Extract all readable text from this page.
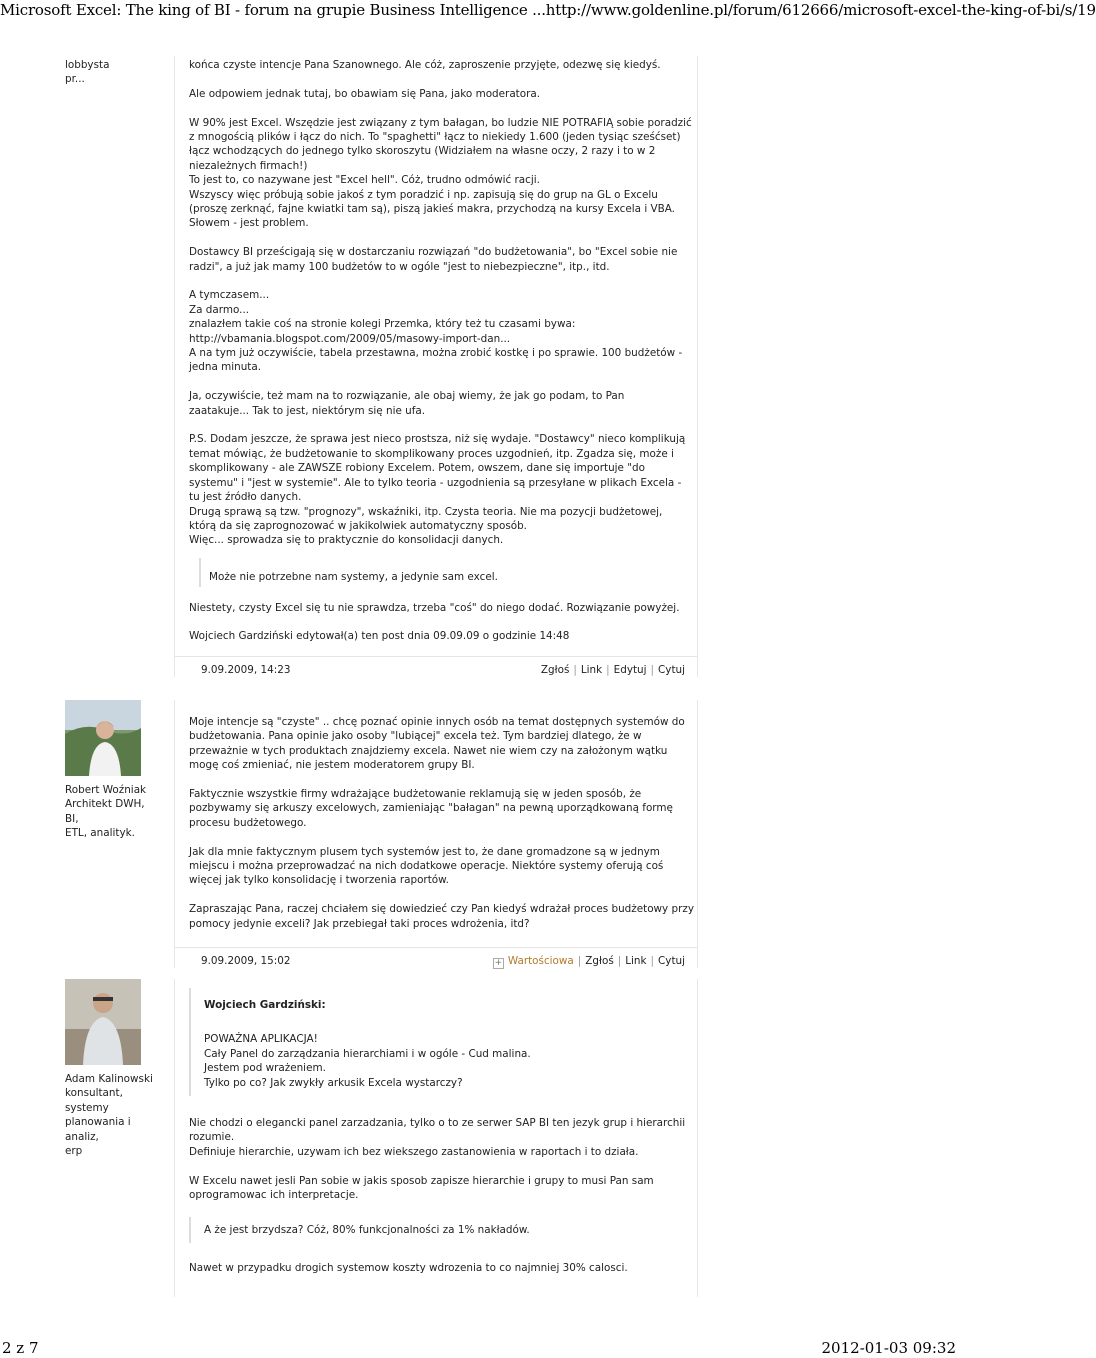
Microsoft Excel: The king of BI - forum na grupie Business Intelligence ...http://www.goldenline.pl/forum/612666/microsoft-excel-the-king-of-bi/s/19
lobbysta
pr...

końca czyste intencje Pana Szanownego. Ale cóż, zaproszenie przyjęte, odezwę się kiedyś.

Ale odpowiem jednak tutaj, bo obawiam się Pana, jako moderatora.

W 90% jest Excel. Wszędzie jest związany z tym bałagan, bo ludzie NIE POTRAFIĄ sobie poradzić
z mnogością plików i łącz do nich. To "spaghetti" łącz to niekiedy 1.600 (jeden tysiąc sześćset)
łącz wchodzących do jednego tylko skoroszytu (Widziałem na własne oczy, 2 razy i to w 2
niezależnych firmach!)
To jest to, co nazywane jest "Excel hell". Cóż, trudno odmówić racji.
Wszyscy więc próbują sobie jakoś z tym poradzić i np. zapisują się do grup na GL o Excelu
(proszę zerknąć, fajne kwiatki tam są), piszą jakieś makra, przychodzą na kursy Excela i VBA.
Słowem - jest problem.

Dostawcy BI prześcigają się w dostarczaniu rozwiązań "do budżetowania", bo "Excel sobie nie
radzi", a już jak mamy 100 budżetów to w ogóle "jest to niebezpieczne", itp., itd.

A tymczasem...
Za darmo...
znalazłem takie coś na stronie kolegi Przemka, który też tu czasami bywa:
http://vbamania.blogspot.com/2009/05/masowy-import-dan...
A na tym już oczywiście, tabela przestawna, można zrobić kostkę i po sprawie. 100 budżetów -
jedna minuta.

Ja, oczywiście, też mam na to rozwiązanie, ale obaj wiemy, że jak go podam, to Pan
zaatakuje... Tak to jest, niektórym się nie ufa.

P.S. Dodam jeszcze, że sprawa jest nieco prostsza, niż się wydaje. "Dostawcy" nieco komplikują
temat mówiąc, że budżetowanie to skomplikowany proces uzgodnień, itp. Zgadza się, może i
skomplikowany - ale ZAWSZE robiony Excelem. Potem, owszem, dane się importuje "do
systemu" i "jest w systemie". Ale to tylko teoria - uzgodnienia są przesyłane w plikach Excela -
tu jest źródło danych.
Drugą sprawą są tzw. "prognozy", wskaźniki, itp. Czysta teoria. Nie ma pozycji budżetowej,
którą da się zaprognozować w jakikolwiek automatyczny sposób.
Więc... sprowadza się to praktycznie do konsolidacji danych.

Może nie potrzebne nam systemy, a jedynie sam excel.

Niestety, czysty Excel się tu nie sprawdza, trzeba "coś" do niego dodać. Rozwiązanie powyżej.

Wojciech Gardziński edytował(a) ten post dnia 09.09.09 o godzinie 14:48

9.09.2009, 14:23	Zgłoś | Link | Edytuj | Cytuj
Robert Woźniak
Architekt DWH,
BI,
ETL, analityk.

Moje intencje są "czyste" .. chcę poznać opinie innych osób na temat dostępnych systemów do
budżetowania. Pana opinie jako osoby "lubiącej" excela też. Tym bardziej dlatego, że w
przeważnie w tych produktach znajdziemy excela. Nawet nie wiem czy na założonym wątku
mogę coś zmieniać, nie jestem moderatorem grupy BI.

Faktycznie wszystkie firmy wdrażające budżetowanie reklamują się w jeden sposób, że
pozbywamy się arkuszy excelowych, zamieniając "bałagan" na pewną uporządkowaną formę
procesu budżetowego.

Jak dla mnie faktycznym plusem tych systemów jest to, że dane gromadzone są w jednym
miejscu i można przeprowadzać na nich dodatkowe operacje. Niektóre systemy oferują coś
więcej jak tylko konsolidację i tworzenia raportów.

Zapraszając Pana, raczej chciałem się dowiedzieć czy Pan kiedyś wdrażał proces budżetowy przy
pomocy jedynie exceli? Jak przebiegał taki proces wdrożenia, itd?

9.09.2009, 15:02	+ Wartościowa | Zgłoś | Link | Cytuj
Adam Kalinowski
konsultant,
systemy
planowania i
analiz,
erp
Wojciech Gardziński:
POWAŻNA APLIKACJA!
Cały Panel do zarządzania hierarchiami i w ogóle - Cud malina.
Jestem pod wrażeniem.
Tylko po co? Jak zwykły arkusik Excela wystarczy?

Nie chodzi o elegancki panel zarzadzania, tylko o to ze serwer SAP BI ten jezyk grup i hierarchii
rozumie.
Definiuje hierarchie, uzywam ich bez wiekszego zastanowienia w raportach i to działa.

W Excelu nawet jesli Pan sobie w jakis sposob zapisze hierarchie i grupy to musi Pan sam
oprogramowac ich interpretacje.

A że jest brzydsza? Cóż, 80% funkcjonalności za 1% nakładów.

Nawet w przypadku drogich systemow koszty wdrozenia to co najmniej 30% calosci.

2 z 7	2012-01-03 09:32
